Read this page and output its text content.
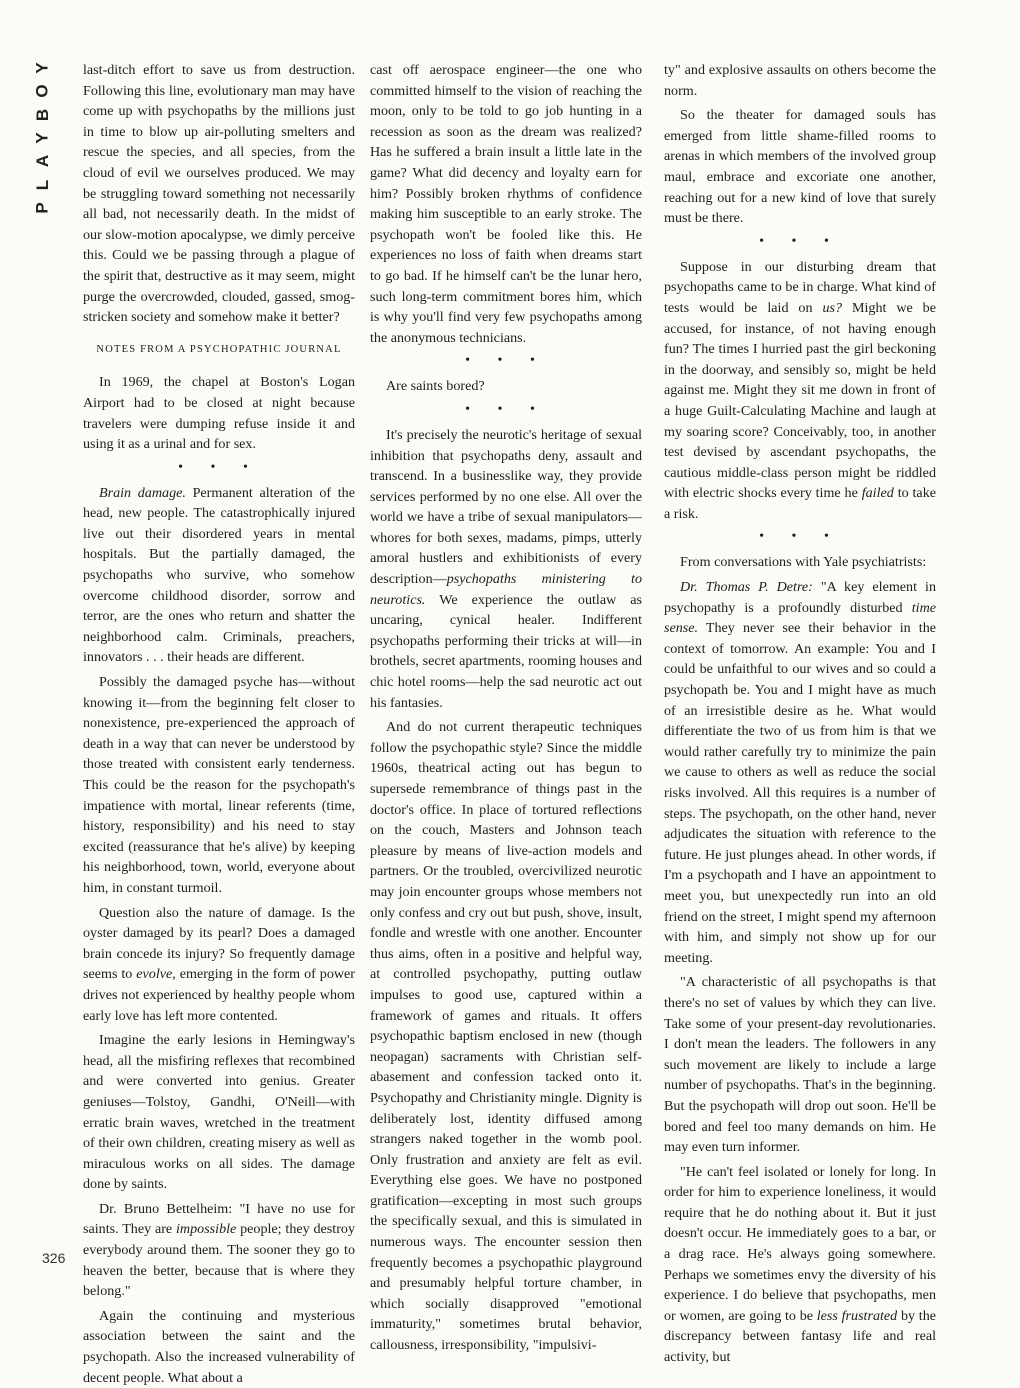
Y
O
B
Y
A
L
P
326

last-ditch effort to save us from destruction. Following this line, evolutionary man may have come up with psychopaths by the millions just in time to blow up air-polluting smelters and rescue the species, and all species, from the cloud of evil we ourselves produced. We may be struggling toward something not necessarily all bad, not necessarily death. In the midst of our slow-motion apocalypse, we dimly perceive this. Could we be passing through a plague of the spirit that, destructive as it may seem, might purge the overcrowded, clouded, gassed, smog-stricken society and somehow make it better?

NOTES FROM A PSYCHOPATHIC JOURNAL

In 1969, the chapel at Boston's Logan Airport had to be closed at night because travelers were dumping refuse inside it and using it as a urinal and for sex.

• • •

Brain damage. Permanent alteration of the head, new people. The catastrophically injured live out their disordered years in mental hospitals. But the partially damaged, the psychopaths who survive, who somehow overcome childhood disorder, sorrow and terror, are the ones who return and shatter the neighborhood calm. Criminals, preachers, innovators . . . their heads are different.

Possibly the damaged psyche has—without knowing it—from the beginning felt closer to nonexistence, pre-experienced the approach of death in a way that can never be understood by those treated with consistent early tenderness. This could be the reason for the psychopath's impatience with mortal, linear referents (time, history, responsibility) and his need to stay excited (reassurance that he's alive) by keeping his neighborhood, town, world, everyone about him, in constant turmoil.

Question also the nature of damage. Is the oyster damaged by its pearl? Does a damaged brain concede its injury? So frequently damage seems to evolve, emerging in the form of power drives not experienced by healthy people whom early love has left more contented.

Imagine the early lesions in Hemingway's head, all the misfiring reflexes that recombined and were converted into genius. Greater geniuses—Tolstoy, Gandhi, O'Neill—with erratic brain waves, wretched in the treatment of their own children, creating misery as well as miraculous works on all sides. The damage done by saints.

Dr. Bruno Bettelheim: "I have no use for saints. They are impossible people; they destroy everybody around them. The sooner they go to heaven the better, because that is where they belong."

Again the continuing and mysterious association between the saint and the psychopath. Also the increased vulnerability of decent people. What about a

cast off aerospace engineer—the one who committed himself to the vision of reaching the moon, only to be told to go job hunting in a recession as soon as the dream was realized? Has he suffered a brain insult a little late in the game? What did decency and loyalty earn for him? Possibly broken rhythms of confidence making him susceptible to an early stroke. The psychopath won't be fooled like this. He experiences no loss of faith when dreams start to go bad. If he himself can't be the lunar hero, such long-term commitment bores him, which is why you'll find very few psychopaths among the anonymous technicians.

• • •

Are saints bored?

• • •

It's precisely the neurotic's heritage of sexual inhibition that psychopaths deny, assault and transcend. In a businesslike way, they provide services performed by no one else. All over the world we have a tribe of sexual manipulators—whores for both sexes, madams, pimps, utterly amoral hustlers and exhibitionists of every description—psychopaths ministering to neurotics. We experience the outlaw as uncaring, cynical healer. Indifferent psychopaths performing their tricks at will—in brothels, secret apartments, rooming houses and chic hotel rooms—help the sad neurotic act out his fantasies.

And do not current therapeutic techniques follow the psychopathic style? Since the middle 1960s, theatrical acting out has begun to supersede remembrance of things past in the doctor's office. In place of tortured reflections on the couch, Masters and Johnson teach pleasure by means of live-action models and partners. Or the troubled, overcivilized neurotic may join encounter groups whose members not only confess and cry out but push, shove, insult, fondle and wrestle with one another. Encounter thus aims, often in a positive and helpful way, at controlled psychopathy, putting outlaw impulses to good use, captured within a framework of games and rituals. It offers psychopathic baptism enclosed in new (though neopagan) sacraments with Christian self-abasement and confession tacked onto it. Psychopathy and Christianity mingle. Dignity is deliberately lost, identity diffused among strangers naked together in the womb pool. Only frustration and anxiety are felt as evil. Everything else goes. We have no postponed gratification—excepting in most such groups the specifically sexual, and this is simulated in numerous ways. The encounter session then frequently becomes a psychopathic playground and presumably helpful torture chamber, in which socially disapproved "emotional immaturity," sometimes brutal behavior, callousness, irresponsibility, "impulsivi-

ty" and explosive assaults on others become the norm.

So the theater for damaged souls has emerged from little shame-filled rooms to arenas in which members of the involved group maul, embrace and excoriate one another, reaching out for a new kind of love that surely must be there.

• • •

Suppose in our disturbing dream that psychopaths came to be in charge. What kind of tests would be laid on us? Might we be accused, for instance, of not having enough fun? The times I hurried past the girl beckoning in the doorway, and sensibly so, might be held against me. Might they sit me down in front of a huge Guilt-Calculating Machine and laugh at my soaring score? Conceivably, too, in another test devised by ascendant psychopaths, the cautious middle-class person might be riddled with electric shocks every time he failed to take a risk.

• • •

From conversations with Yale psychiatrists:

Dr. Thomas P. Detre: "A key element in psychopathy is a profoundly disturbed time sense. They never see their behavior in the context of tomorrow. An example: You and I could be unfaithful to our wives and so could a psychopath be. You and I might have as much of an irresistible desire as he. What would differentiate the two of us from him is that we would rather carefully try to minimize the pain we cause to others as well as reduce the social risks involved. All this requires is a number of steps. The psychopath, on the other hand, never adjudicates the situation with reference to the future. He just plunges ahead. In other words, if I'm a psychopath and I have an appointment to meet you, but unexpectedly run into an old friend on the street, I might spend my afternoon with him, and simply not show up for our meeting.

"A characteristic of all psychopaths is that there's no set of values by which they can live. Take some of your present-day revolutionaries. I don't mean the leaders. The followers in any such movement are likely to include a large number of psychopaths. That's in the beginning. But the psychopath will drop out soon. He'll be bored and feel too many demands on him. He may even turn informer.

"He can't feel isolated or lonely for long. In order for him to experience loneliness, it would require that he do nothing about it. But it just doesn't occur. He immediately goes to a bar, or a drag race. He's always going somewhere. Perhaps we sometimes envy the diversity of his experience. I do believe that psychopaths, men or women, are going to be less frustrated by the discrepancy between fantasy life and real activity, but
